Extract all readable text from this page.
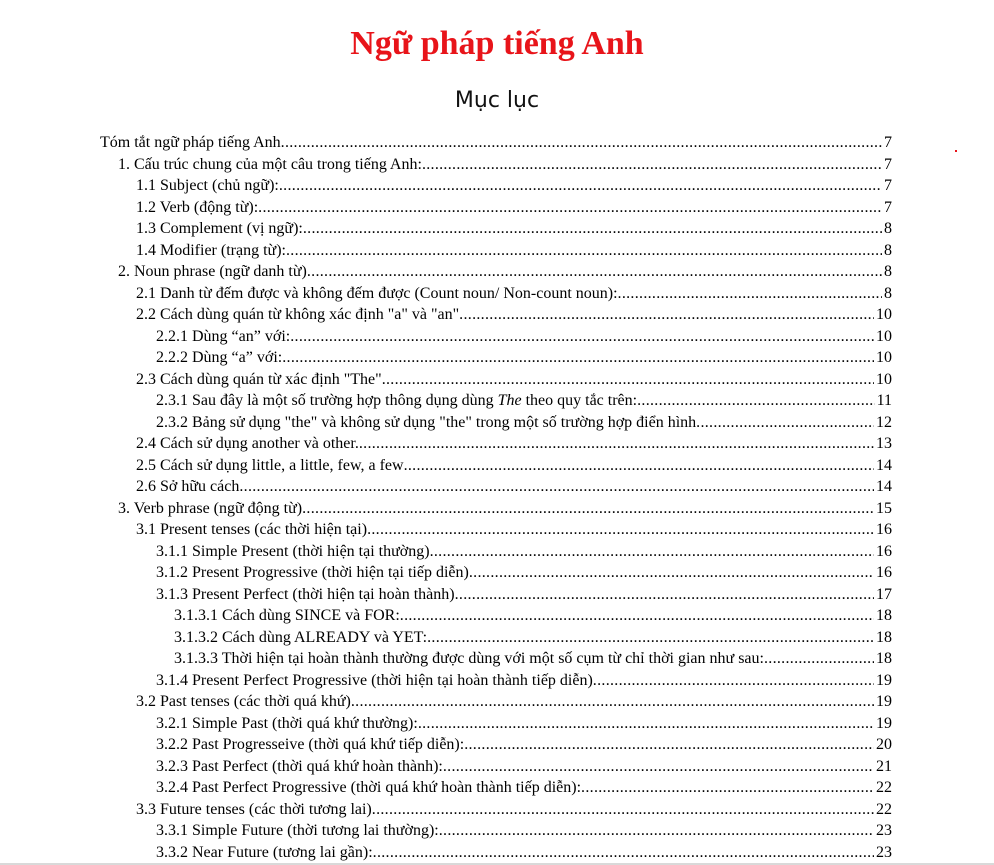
Ngữ pháp tiếng Anh
Mục lục
Tóm tắt ngữ pháp tiếng Anh .....	7
1. Cấu trúc chung của một câu trong tiếng Anh: .....	7
1.1 Subject (chủ ngữ): .....	7
1.2 Verb (động từ): .....	7
1.3 Complement (vị ngữ): .....	8
1.4 Modifier (trạng từ): .....	8
2. Noun phrase (ngữ danh từ) .....	8
2.1 Danh từ đếm được và không đếm được (Count noun/ Non-count noun): .....	8
2.2 Cách dùng quán từ không xác định "a" và "an" .....	10
2.2.1 Dùng “an” với: .....	10
2.2.2 Dùng “a” với: .....	10
2.3 Cách dùng quán từ xác định "The" .....	10
2.3.1 Sau đây là một số trường hợp thông dụng dùng The theo quy tắc trên: .....	11
2.3.2 Bảng sử dụng "the" và không sử dụng "the" trong một số trường hợp điển hình .....	12
2.4 Cách sử dụng another và other. .....	13
2.5 Cách sử dụng little, a little, few, a few .....	14
2.6 Sở hữu cách .....	14
3. Verb phrase (ngữ động từ) .....	15
3.1 Present tenses (các thời hiện tại) .....	16
3.1.1 Simple Present (thời hiện tại thường) .....	16
3.1.2 Present Progressive (thời hiện tại tiếp diễn) .....	16
3.1.3 Present Perfect (thời hiện tại hoàn thành) .....	17
3.1.3.1 Cách dùng SINCE và FOR: .....	18
3.1.3.2 Cách dùng ALREADY và YET: .....	18
3.1.3.3 Thời hiện tại hoàn thành thường được dùng với một số cụm từ chỉ thời gian như sau: .....	18
3.1.4 Present Perfect Progressive (thời hiện tại hoàn thành tiếp diễn) .....	19
3.2 Past tenses (các thời quá khứ) .....	19
3.2.1 Simple Past (thời quá khứ thường): .....	19
3.2.2 Past Progresseive (thời quá khứ tiếp diễn): .....	20
3.2.3 Past Perfect (thời quá khứ hoàn thành): .....	21
3.2.4 Past Perfect Progressive (thời quá khứ hoàn thành tiếp diễn): .....	22
3.3 Future tenses (các thời tương lai) .....	22
3.3.1 Simple Future (thời tương lai thường): .....	23
3.3.2 Near Future (tương lai gần): .....	23
